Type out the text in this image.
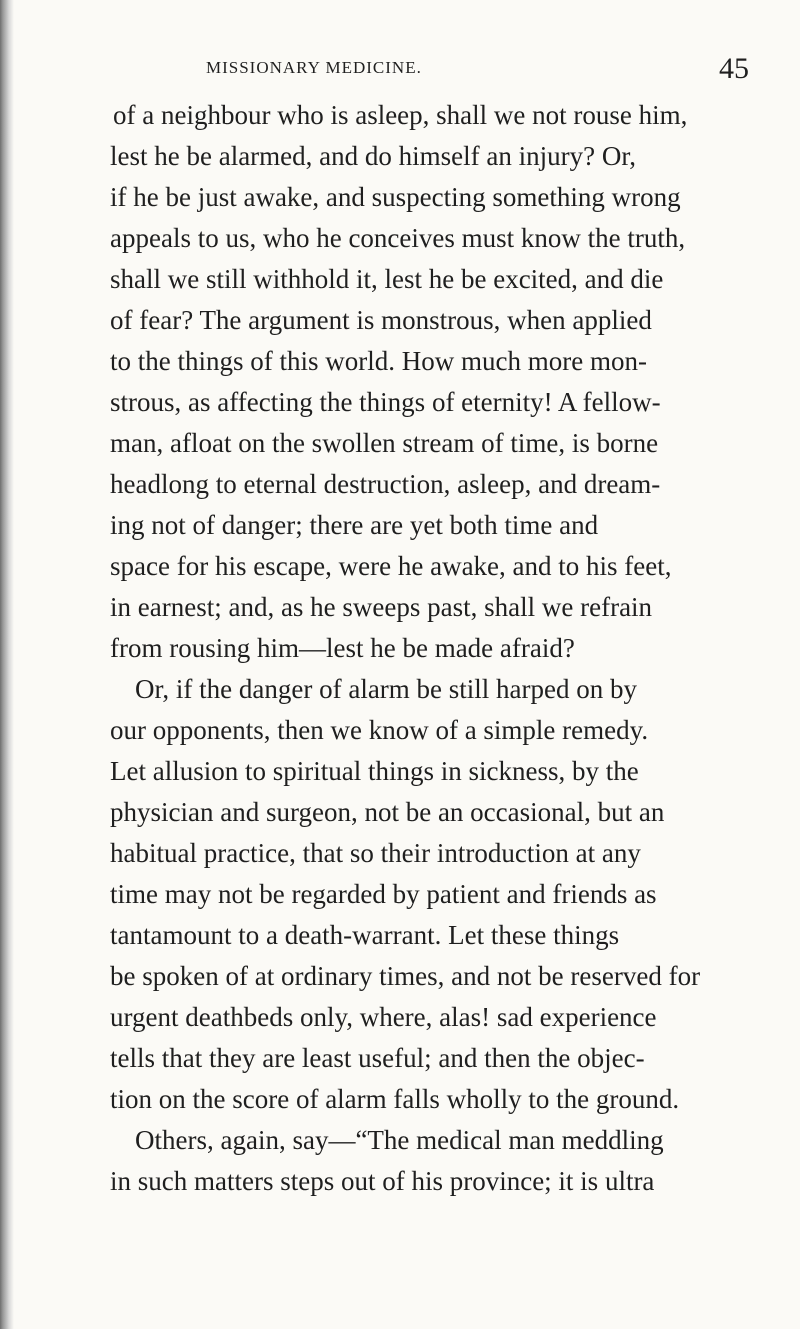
MISSIONARY MEDICINE.	45
of a neighbour who is asleep, shall we not rouse him,
lest he be alarmed, and do himself an injury? Or,
if he be just awake, and suspecting something wrong
appeals to us, who he conceives must know the truth,
shall we still withhold it, lest he be excited, and die
of fear? The argument is monstrous, when applied
to the things of this world. How much more mon-
strous, as affecting the things of eternity! A fellow-
man, afloat on the swollen stream of time, is borne
headlong to eternal destruction, asleep, and dream-
ing not of danger; there are yet both time and
space for his escape, were he awake, and to his feet,
in earnest; and, as he sweeps past, shall we refrain
from rousing him—lest he be made afraid?
Or, if the danger of alarm be still harped on by
our opponents, then we know of a simple remedy.
Let allusion to spiritual things in sickness, by the
physician and surgeon, not be an occasional, but an
habitual practice, that so their introduction at any
time may not be regarded by patient and friends as
tantamount to a death-warrant. Let these things
be spoken of at ordinary times, and not be reserved for
urgent deathbeds only, where, alas! sad experience
tells that they are least useful; and then the objec-
tion on the score of alarm falls wholly to the ground.
Others, again, say—“The medical man meddling
in such matters steps out of his province; it is ultra
